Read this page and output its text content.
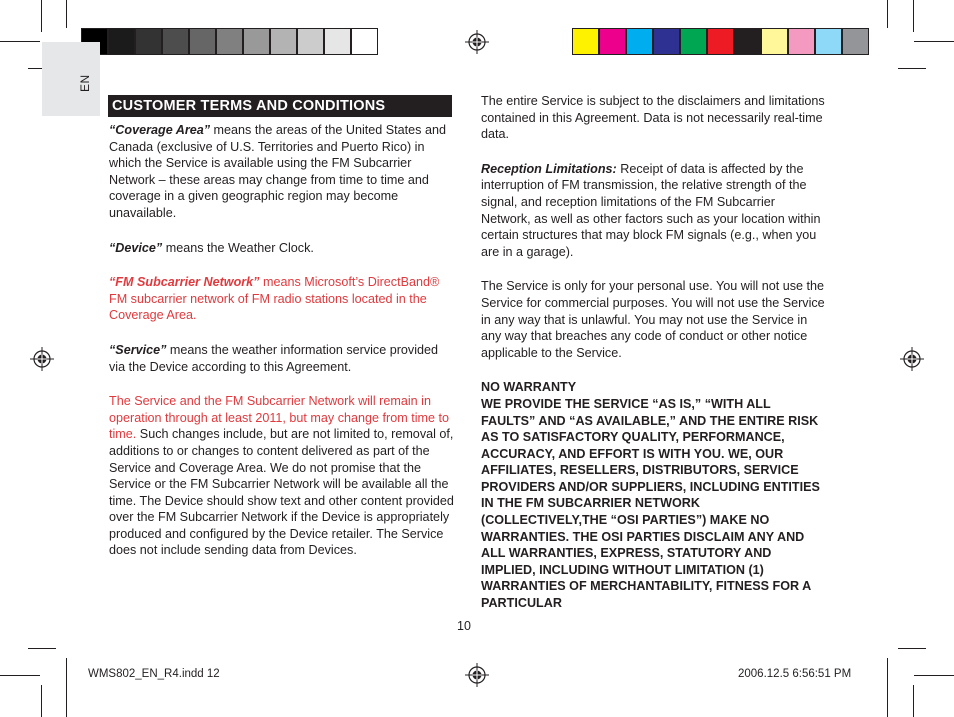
EN
CUSTOMER TERMS AND CONDITIONS

“Coverage Area” means the areas of the United States and Canada (exclusive of U.S. Territories and Puerto Rico) in which the Service is available using the FM Subcarrier Network – these areas may change from time to time and coverage in a given geographic region may become unavailable.

“Device” means the Weather Clock.

“FM Subcarrier Network” means Microsoft’s DirectBand® FM subcarrier network of FM radio stations located in the Coverage Area.

“Service” means the weather information service provided via the Device according to this Agreement.

The Service and the FM Subcarrier Network will remain in operation through at least 2011, but may change from time to time. Such changes include, but are not limited to, removal of, additions to or changes to content delivered as part of the Service and Coverage Area. We do not promise that the Service or the FM Subcarrier Network will be available all the time. The Device should show text and other content provided over the FM Subcarrier Network if the Device is appropriately produced and configured by the Device retailer. The Service does not include sending data from Devices.

The entire Service is subject to the disclaimers and limitations contained in this Agreement. Data is not necessarily real-time data.

Reception Limitations: Receipt of data is affected by the interruption of FM transmission, the relative strength of the signal, and reception limitations of the FM Subcarrier Network, as well as other factors such as your location within certain structures that may block FM signals (e.g., when you are in a garage).

The Service is only for your personal use. You will not use the Service for commercial purposes. You will not use the Service in any way that is unlawful. You may not use the Service in any way that breaches any code of conduct or other notice applicable to the Service.

NO WARRANTY

WE PROVIDE THE SERVICE “AS IS,” “WITH ALL FAULTS” AND “AS AVAILABLE,” AND THE ENTIRE RISK AS TO SATISFACTORY QUALITY, PERFORMANCE, ACCURACY, AND EFFORT IS WITH YOU. WE, OUR AFFILIATES, RESELLERS, DISTRIBUTORS, SERVICE PROVIDERS AND/OR SUPPLIERS, INCLUDING ENTITIES IN THE FM SUBCARRIER NETWORK (COLLECTIVELY,THE “OSI PARTIES”) MAKE NO WARRANTIES. THE OSI PARTIES DISCLAIM ANY AND ALL WARRANTIES, EXPRESS, STATUTORY AND IMPLIED, INCLUDING WITHOUT LIMITATION (1) WARRANTIES OF MERCHANTABILITY, FITNESS FOR A PARTICULAR

10
WMS802_EN_R4.indd 12	2006.12.5 6:56:51 PM
